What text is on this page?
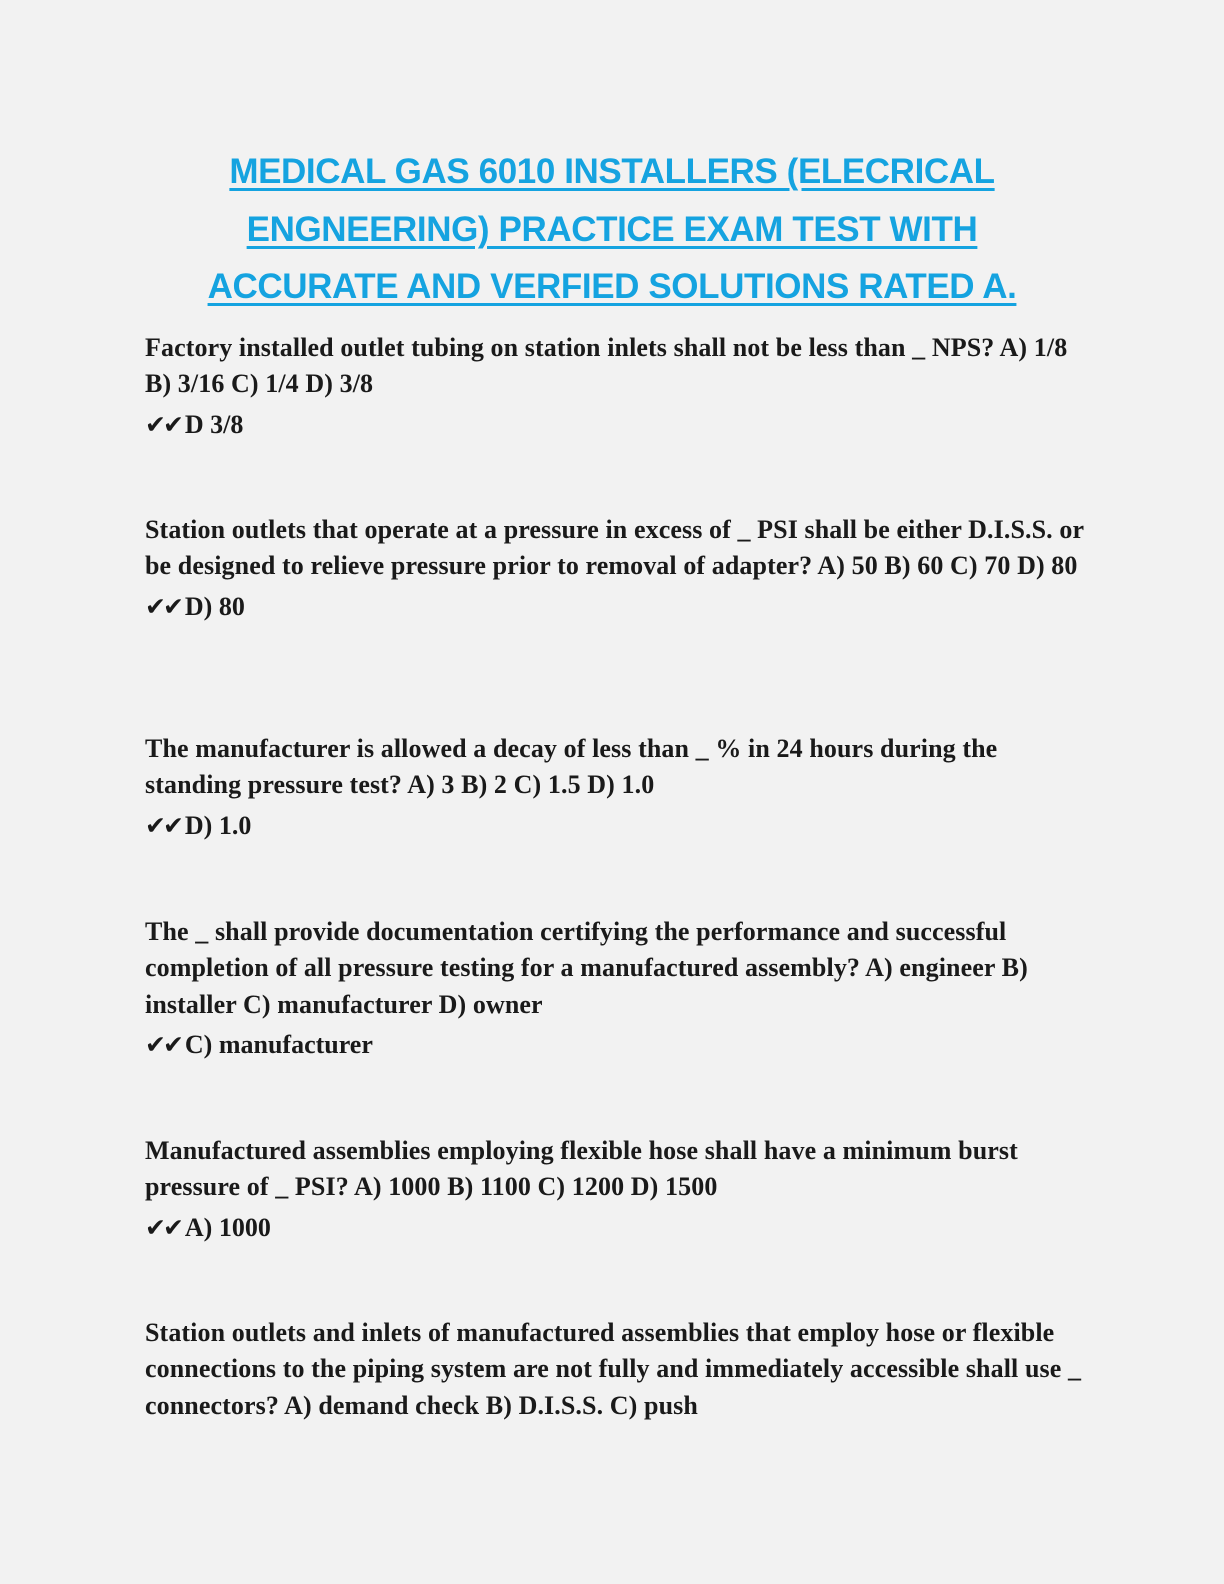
MEDICAL GAS 6010 INSTALLERS (ELECRICAL
ENGNEERING) PRACTICE EXAM TEST WITH
ACCURATE AND VERFIED SOLUTIONS RATED A.

Factory installed outlet tubing on station inlets shall not be less than _ NPS? A) 1/8 B) 3/16 C) 1/4 D) 3/8

✔✔ D 3/8

Station outlets that operate at a pressure in excess of _ PSI shall be either D.I.S.S. or be designed to relieve pressure prior to removal of adapter? A) 50 B) 60 C) 70 D) 80

✔✔ D) 80

The manufacturer is allowed a decay of less than _ % in 24 hours during the standing pressure test? A) 3 B) 2 C) 1.5 D) 1.0

✔✔ D) 1.0

The _ shall provide documentation certifying the performance and successful completion of all pressure testing for a manufactured assembly? A) engineer B) installer C) manufacturer D) owner

✔✔ C) manufacturer

Manufactured assemblies employing flexible hose shall have a minimum burst pressure of _ PSI? A) 1000 B) 1100 C) 1200 D) 1500

✔✔ A) 1000

Station outlets and inlets of manufactured assemblies that employ hose or flexible connections to the piping system are not fully and immediately accessible shall use _ connectors? A) demand check B) D.I.S.S. C) push
